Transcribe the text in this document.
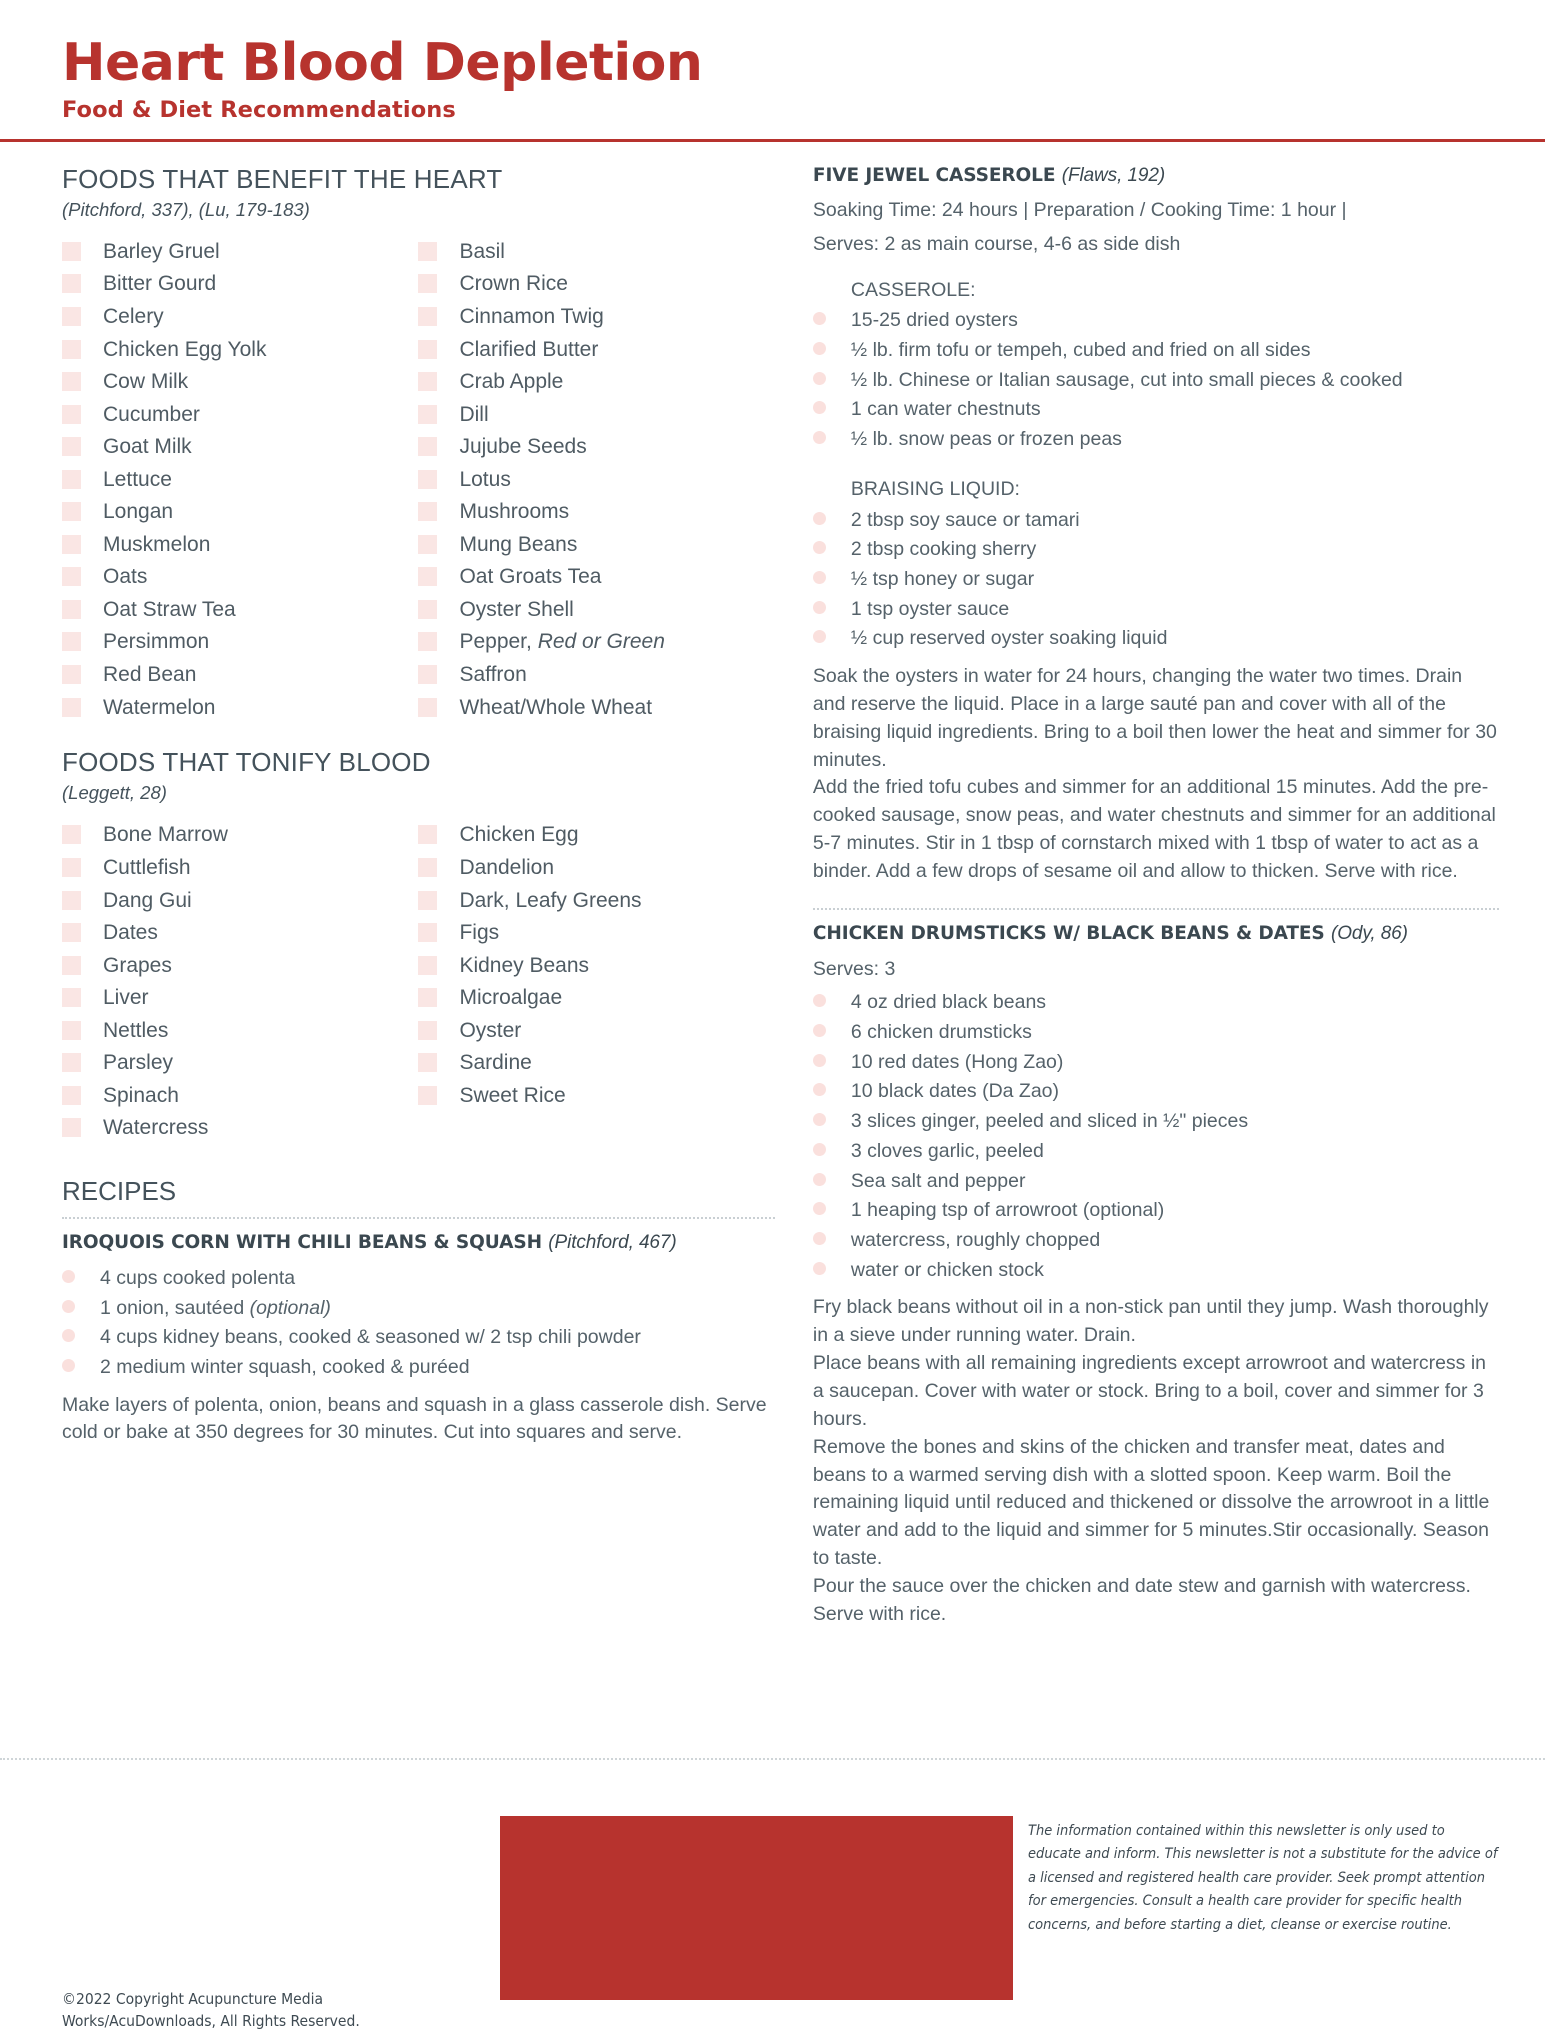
Heart Blood Depletion
Food & Diet Recommendations
FOODS THAT BENEFIT THE HEART
(Pitchford, 337), (Lu, 179-183)
Barley Gruel
Bitter Gourd
Celery
Chicken Egg Yolk
Cow Milk
Cucumber
Goat Milk
Lettuce
Longan
Muskmelon
Oats
Oat Straw Tea
Persimmon
Red Bean
Watermelon
Basil
Crown Rice
Cinnamon Twig
Clarified Butter
Crab Apple
Dill
Jujube Seeds
Lotus
Mushrooms
Mung Beans
Oat Groats Tea
Oyster Shell
Pepper, Red or Green
Saffron
Wheat/Whole Wheat
FOODS THAT TONIFY BLOOD
(Leggett, 28)
Bone Marrow
Cuttlefish
Dang Gui
Dates
Grapes
Liver
Nettles
Parsley
Spinach
Watercress
Chicken Egg
Dandelion
Dark, Leafy Greens
Figs
Kidney Beans
Microalgae
Oyster
Sardine
Sweet Rice
RECIPES
IROQUOIS CORN WITH CHILI BEANS & SQUASH (Pitchford, 467)
4 cups cooked polenta
1 onion, sautéed (optional)
4 cups kidney beans, cooked & seasoned w/ 2 tsp chili powder
2 medium winter squash, cooked & puréed
Make layers of polenta, onion, beans and squash in a glass casserole dish. Serve cold or bake at 350 degrees for 30 minutes. Cut into squares and serve.
FIVE JEWEL CASSEROLE (Flaws, 192)
Soaking Time: 24 hours | Preparation / Cooking Time: 1 hour |
Serves: 2 as main course, 4-6 as side dish
CASSEROLE:
15-25 dried oysters
½ lb. firm tofu or tempeh, cubed and fried on all sides
½ lb. Chinese or Italian sausage, cut into small pieces & cooked
1 can water chestnuts
½ lb. snow peas or frozen peas
BRAISING LIQUID:
2 tbsp soy sauce or tamari
2 tbsp cooking sherry
½ tsp honey or sugar
1 tsp oyster sauce
½ cup reserved oyster soaking liquid

Soak the oysters in water for 24 hours, changing the water two times. Drain and reserve the liquid. Place in a large sauté pan and cover with all of the braising liquid ingredients. Bring to a boil then lower the heat and simmer for 30 minutes.

Add the fried tofu cubes and simmer for an additional 15 minutes. Add the pre-cooked sausage, snow peas, and water chestnuts and simmer for an additional 5-7 minutes. Stir in 1 tbsp of cornstarch mixed with 1 tbsp of water to act as a binder. Add a few drops of sesame oil and allow to thicken. Serve with rice.

CHICKEN DRUMSTICKS W/ BLACK BEANS & DATES (Ody, 86)
Serves: 3
4 oz dried black beans
6 chicken drumsticks
10 red dates (Hong Zao)
10 black dates (Da Zao)
3 slices ginger, peeled and sliced in ½" pieces
3 cloves garlic, peeled
Sea salt and pepper
1 heaping tsp of arrowroot (optional)
watercress, roughly chopped
water or chicken stock

Fry black beans without oil in a non-stick pan until they jump. Wash thoroughly in a sieve under running water. Drain.

Place beans with all remaining ingredients except arrowroot and watercress in a saucepan. Cover with water or stock. Bring to a boil, cover and simmer for 3 hours.

Remove the bones and skins of the chicken and transfer meat, dates and beans to a warmed serving dish with a slotted spoon. Keep warm. Boil the remaining liquid until reduced and thickened or dissolve the arrowroot in a little water and add to the liquid and simmer for 5 minutes.Stir occasionally. Season to taste.

Pour the sauce over the chicken and date stew and garnish with watercress. Serve with rice.

©2022 Copyright Acupuncture Media Works/AcuDownloads, All Rights Reserved.
The information contained within this newsletter is only used to educate and inform. This newsletter is not a substitute for the advice of a licensed and registered health care provider. Seek prompt attention for emergencies. Consult a health care provider for specific health concerns, and before starting a diet, cleanse or exercise routine.
